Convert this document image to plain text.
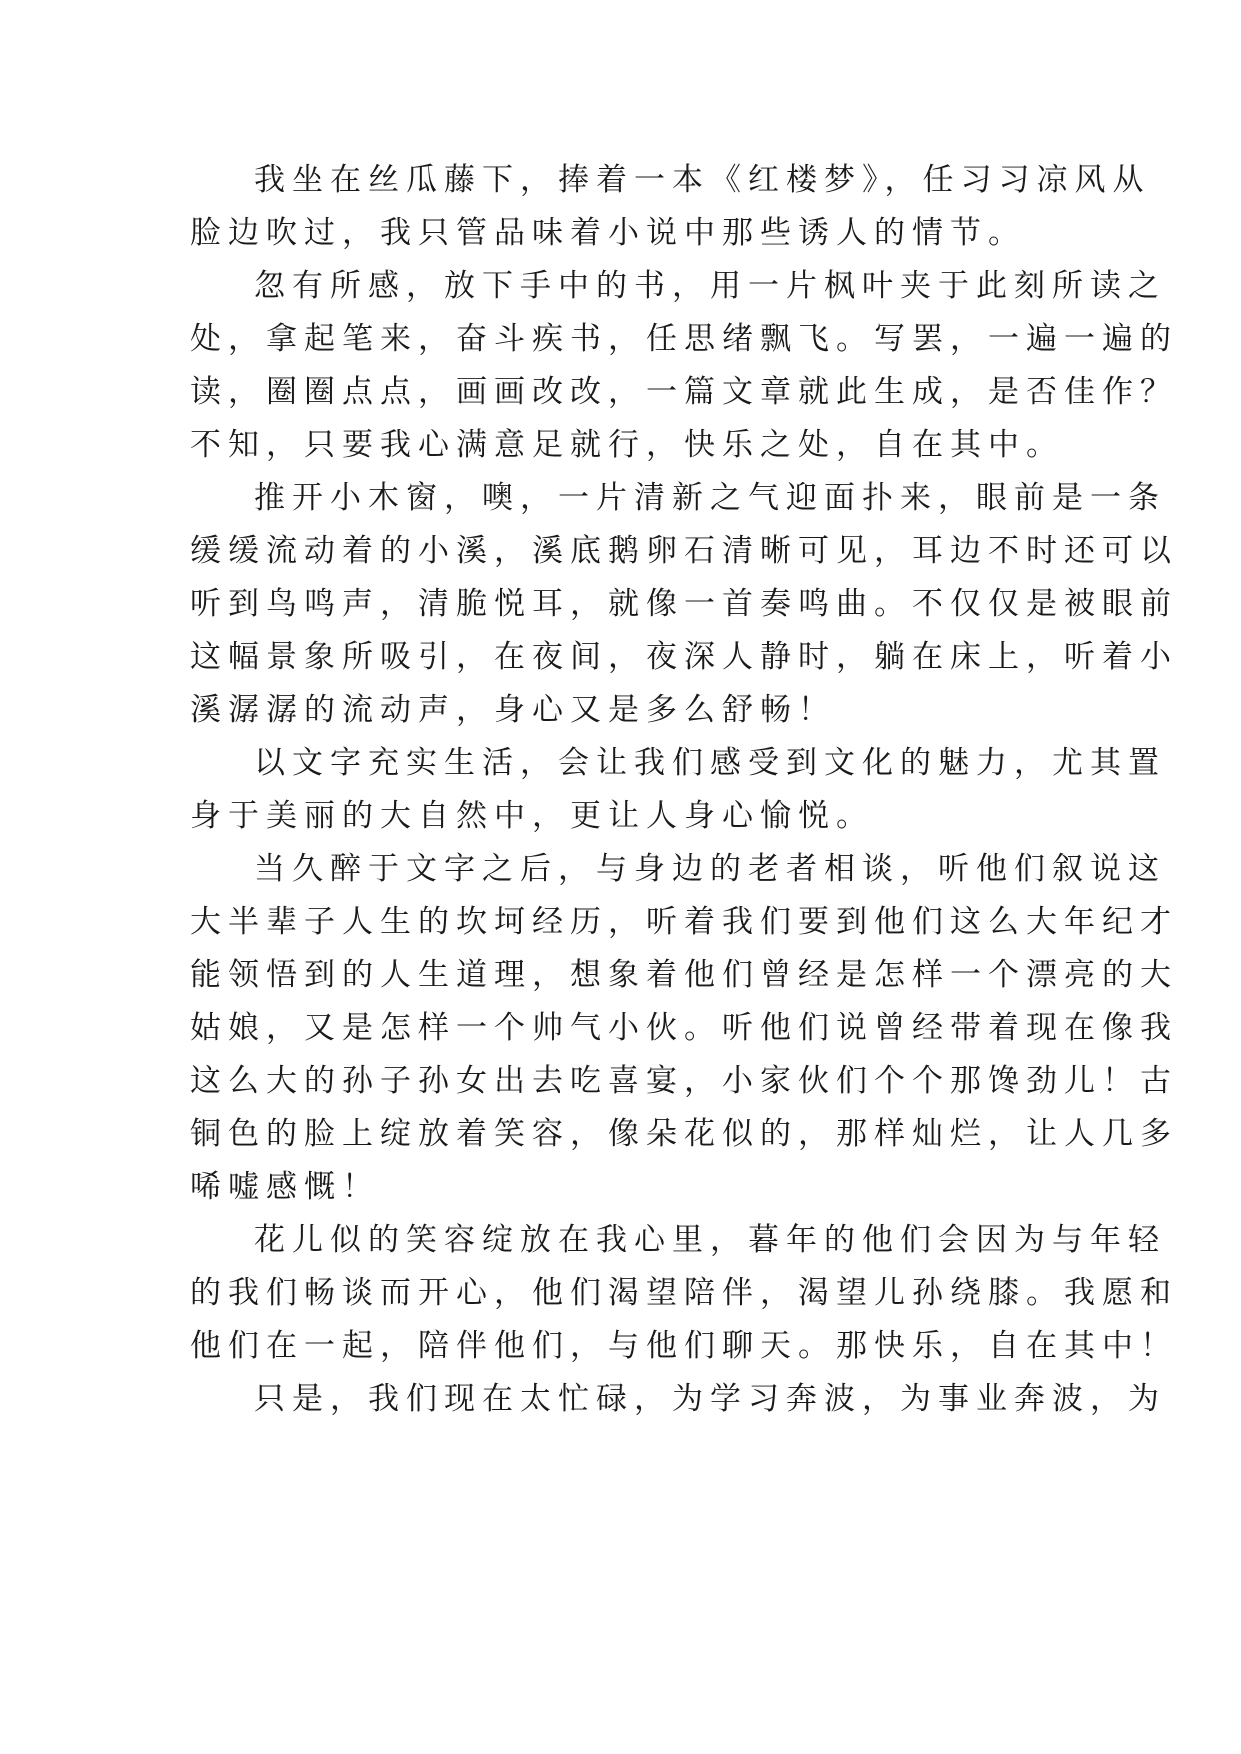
我坐在丝瓜藤下，捧着一本《红楼梦》，任习习凉风从
脸边吹过，我只管品味着小说中那些诱人的情节。
忽有所感，放下手中的书，用一片枫叶夹于此刻所读之
处，拿起笔来，奋斗疾书，任思绪飘飞。写罢，一遍一遍的
读，圈圈点点，画画改改，一篇文章就此生成，是否佳作？
不知，只要我心满意足就行，快乐之处，自在其中。
推开小木窗，噢，一片清新之气迎面扑来，眼前是一条
缓缓流动着的小溪，溪底鹅卵石清晰可见，耳边不时还可以
听到鸟鸣声，清脆悦耳，就像一首奏鸣曲。不仅仅是被眼前
这幅景象所吸引，在夜间，夜深人静时，躺在床上，听着小
溪潺潺的流动声，身心又是多么舒畅！
以文字充实生活，会让我们感受到文化的魅力，尤其置
身于美丽的大自然中，更让人身心愉悦。
当久醉于文字之后，与身边的老者相谈，听他们叙说这
大半辈子人生的坎坷经历，听着我们要到他们这么大年纪才
能领悟到的人生道理，想象着他们曾经是怎样一个漂亮的大
姑娘，又是怎样一个帅气小伙。听他们说曾经带着现在像我
这么大的孙子孙女出去吃喜宴，小家伙们个个那馋劲儿！古
铜色的脸上绽放着笑容，像朵花似的，那样灿烂，让人几多
唏嘘感慨！
花儿似的笑容绽放在我心里，暮年的他们会因为与年轻
的我们畅谈而开心，他们渴望陪伴，渴望儿孙绕膝。我愿和
他们在一起，陪伴他们，与他们聊天。那快乐，自在其中！
只是，我们现在太忙碌，为学习奔波，为事业奔波，为
